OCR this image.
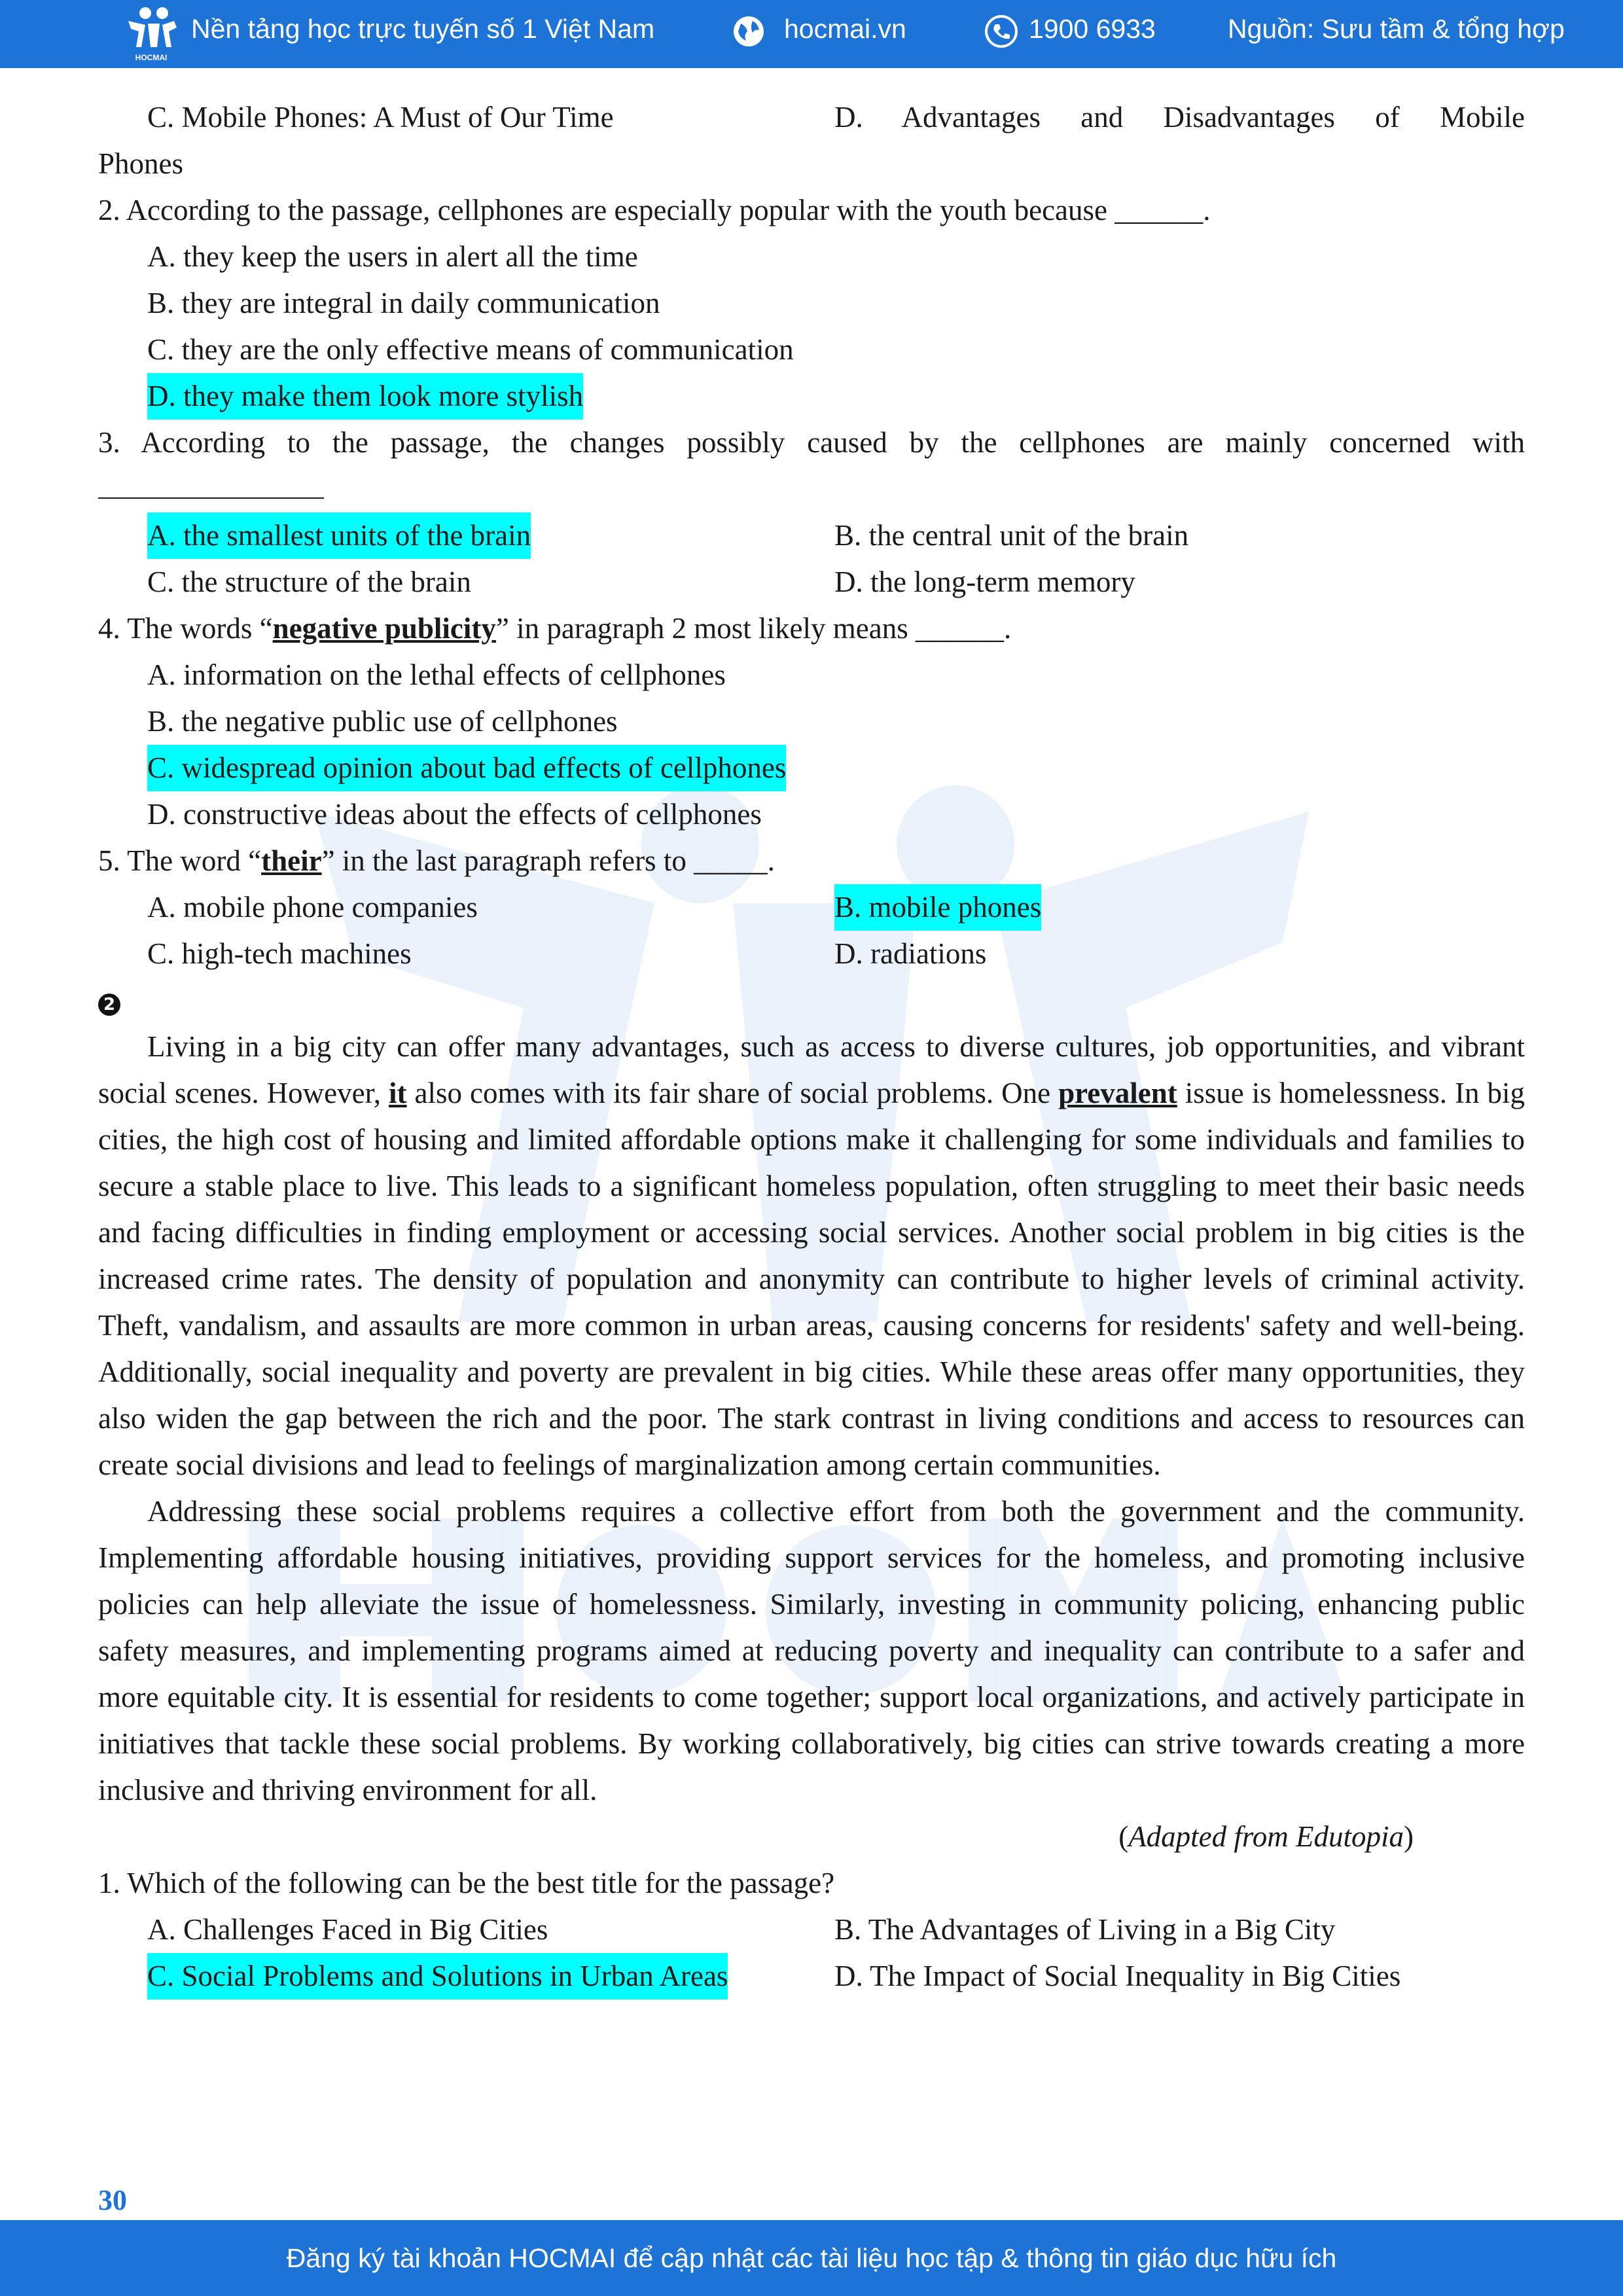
HOCMAI
Nền tảng học trực tuyến số 1 Việt Nam	hocmai.vn	1900 6933	Nguồn: Sưu tầm & tổng hợp
C. Mobile Phones: A Must of Our Time	D. Advantages and Disadvantages of Mobile
Phones
2. According to the passage, cellphones are especially popular with the youth because ______.
A. they keep the users in alert all the time
B. they are integral in daily communication
C. they are the only effective means of communication
D. they make them look more stylish
3. According to the passage, the changes possibly caused by the cellphones are mainly concerned with
A. the smallest units of the brain	B. the central unit of the brain
C. the structure of the brain	D. the long-term memory
4. The words “negative publicity” in paragraph 2 most likely means ______.
A. information on the lethal effects of cellphones
B. the negative public use of cellphones
C. widespread opinion about bad effects of cellphones
D. constructive ideas about the effects of cellphones
5. The word “their” in the last paragraph refers to _____.
A. mobile phone companies	B. mobile phones
C. high-tech machines	D. radiations
2

Living in a big city can offer many advantages, such as access to diverse cultures, job opportunities, and vibrant social scenes. However, it also comes with its fair share of social problems. One prevalent issue is homelessness. In big cities, the high cost of housing and limited affordable options make it challenging for some individuals and families to secure a stable place to live. This leads to a significant homeless population, often struggling to meet their basic needs and facing difficulties in finding employment or accessing social services. Another social problem in big cities is the increased crime rates. The density of population and anonymity can contribute to higher levels of criminal activity. Theft, vandalism, and assaults are more common in urban areas, causing concerns for residents' safety and well-being. Additionally, social inequality and poverty are prevalent in big cities. While these areas offer many opportunities, they also widen the gap between the rich and the poor. The stark contrast in living conditions and access to resources can create social divisions and lead to feelings of marginalization among certain communities.

Addressing these social problems requires a collective effort from both the government and the community. Implementing affordable housing initiatives, providing support services for the homeless, and promoting inclusive policies can help alleviate the issue of homelessness. Similarly, investing in community policing, enhancing public safety measures, and implementing programs aimed at reducing poverty and inequality can contribute to a safer and more equitable city. It is essential for residents to come together; support local organizations, and actively participate in initiatives that tackle these social problems. By working collaboratively, big cities can strive towards creating a more inclusive and thriving environment for all.

(Adapted from Edutopia)
1. Which of the following can be the best title for the passage?
A. Challenges Faced in Big Cities	B. The Advantages of Living in a Big City
C. Social Problems and Solutions in Urban Areas	D. The Impact of Social Inequality in Big Cities
30
Đăng ký tài khoản HOCMAI để cập nhật các tài liệu học tập & thông tin giáo dục hữu ích
